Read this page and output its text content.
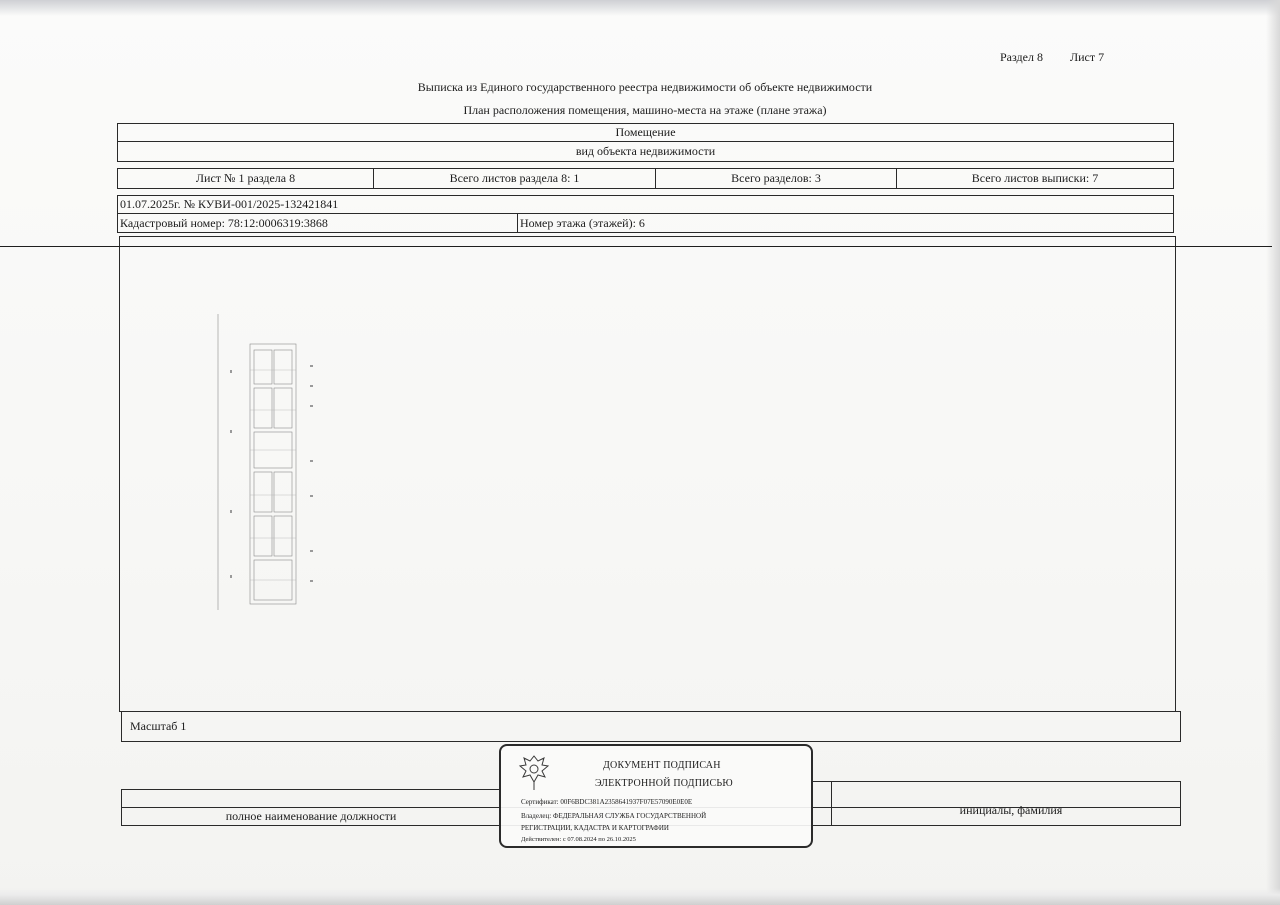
Раздел 8 Лист 7
Выписка из Единого государственного реестра недвижимости об объекте недвижимости
План расположения помещения, машино-места на этаже (плане этажа)
Помещение
вид объекта недвижимости
Лист № 1 раздела 8	Всего листов раздела 8: 1	Всего разделов: 3	Всего листов выписки: 7
01.07.2025г. № КУВИ-001/2025-132421841
Кадастровый номер: 78:12:0006319:3868	Номер этажа (этажей): 6
Масштаб 1
полное наименование должности	инициалы, фамилия
ДОКУМЕНТ ПОДПИСАН
ЭЛЕКТРОННОЙ ПОДПИСЬЮ
Сертификат: 00F6BDC381A2358641937F07E57090E0E0E
Владелец: ФЕДЕРАЛЬНАЯ СЛУЖБА ГОСУДАРСТВЕННОЙ
РЕГИСТРАЦИИ, КАДАСТРА И КАРТОГРАФИИ
Действителен: с 07.08.2024 по 26.10.2025
